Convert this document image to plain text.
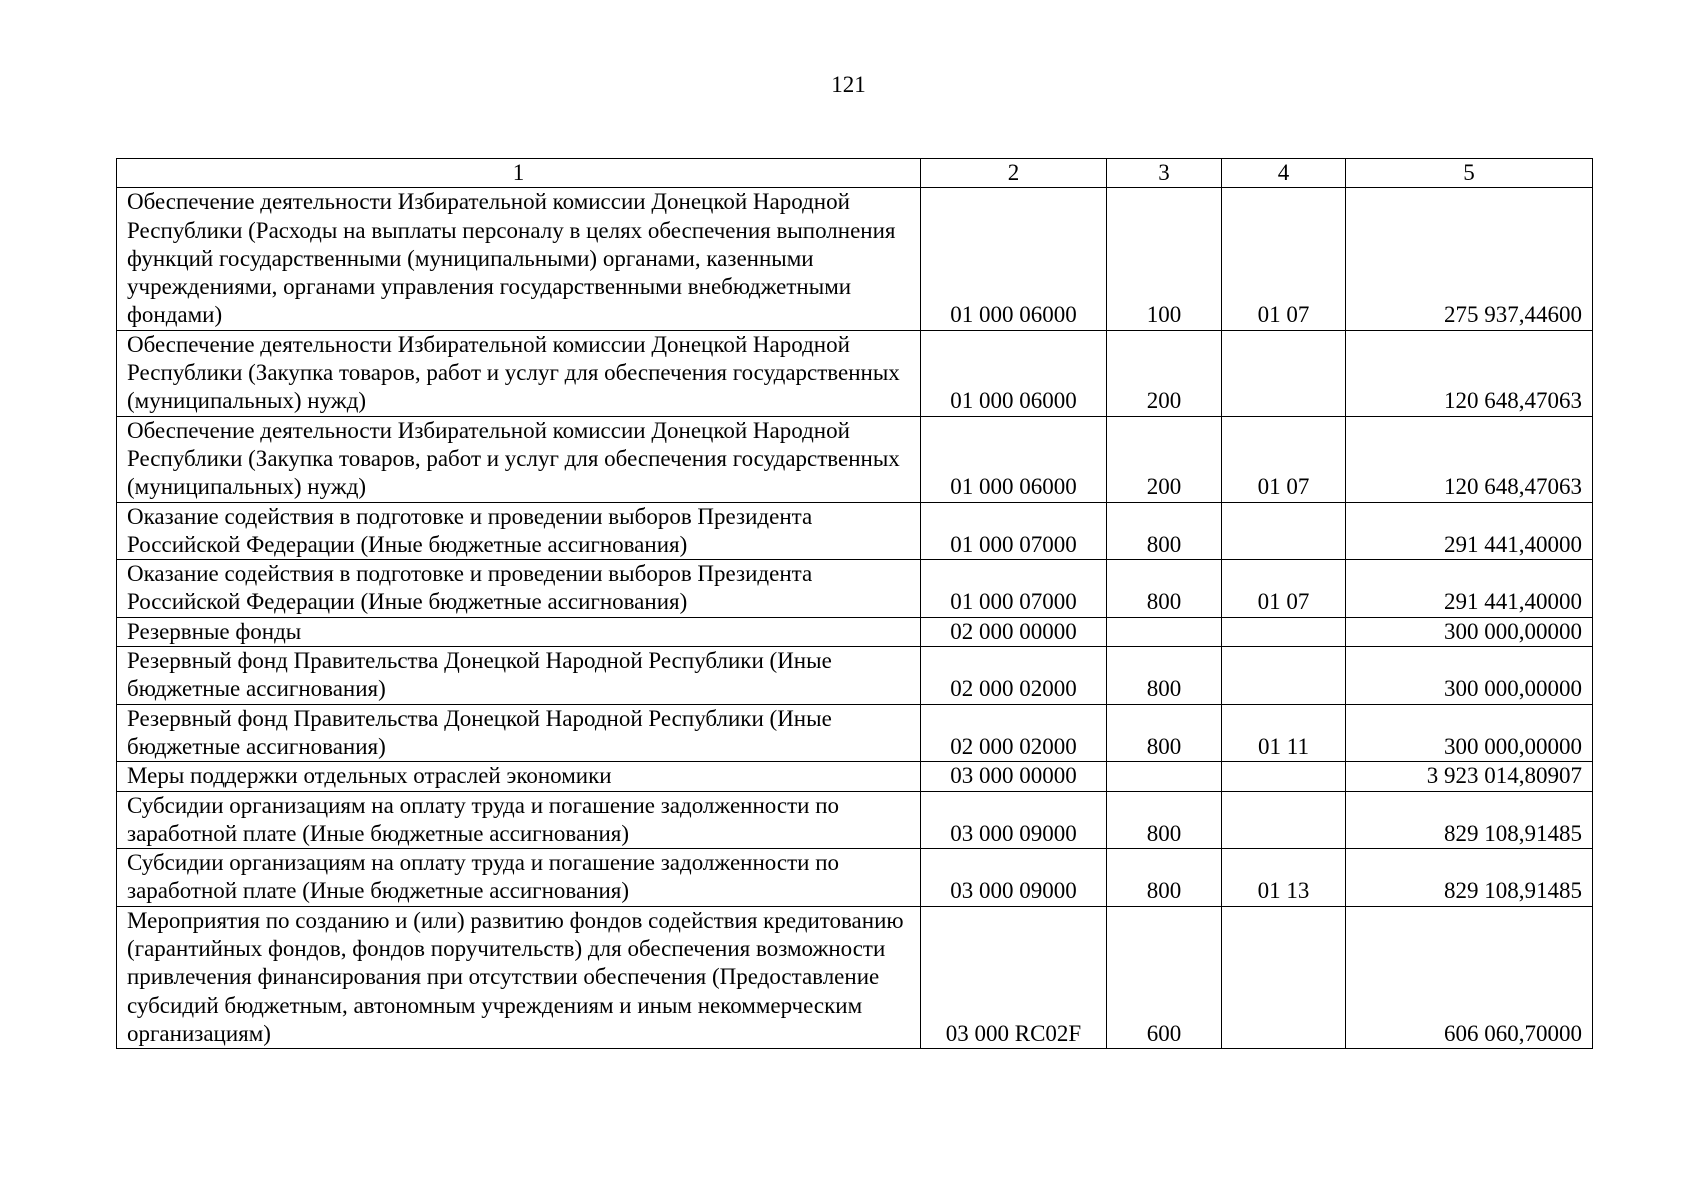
121
1	2	3	4	5
Обеспечение деятельности Избирательной комиссии Донецкой Народной Республики (Расходы на выплаты персоналу в целях обеспечения выполнения функций государственными (муниципальными) органами, казенными учреждениями, органами управления государственными внебюджетными фондами)	01 000 06000	100	01 07	275 937,44600
Обеспечение деятельности Избирательной комиссии Донецкой Народной Республики (Закупка товаров, работ и услуг для обеспечения государственных (муниципальных) нужд)	01 000 06000	200		120 648,47063
Обеспечение деятельности Избирательной комиссии Донецкой Народной Республики (Закупка товаров, работ и услуг для обеспечения государственных (муниципальных) нужд)	01 000 06000	200	01 07	120 648,47063
Оказание содействия в подготовке и проведении выборов Президента Российской Федерации (Иные бюджетные ассигнования)	01 000 07000	800		291 441,40000
Оказание содействия в подготовке и проведении выборов Президента Российской Федерации (Иные бюджетные ассигнования)	01 000 07000	800	01 07	291 441,40000
Резервные фонды	02 000 00000			300 000,00000
Резервный фонд Правительства Донецкой Народной Республики (Иные бюджетные ассигнования)	02 000 02000	800		300 000,00000
Резервный фонд Правительства Донецкой Народной Республики (Иные бюджетные ассигнования)	02 000 02000	800	01 11	300 000,00000
Меры поддержки отдельных отраслей экономики	03 000 00000			3 923 014,80907
Субсидии организациям на оплату труда и погашение задолженности по заработной плате (Иные бюджетные ассигнования)	03 000 09000	800		829 108,91485
Субсидии организациям на оплату труда и погашение задолженности по заработной плате (Иные бюджетные ассигнования)	03 000 09000	800	01 13	829 108,91485
Мероприятия по созданию и (или) развитию фондов содействия кредитованию (гарантийных фондов, фондов поручительств) для обеспечения возможности привлечения финансирования при отсутствии обеспечения (Предоставление субсидий бюджетным, автономным учреждениям и иным некоммерческим организациям)	03 000 RC02F	600		606 060,70000
